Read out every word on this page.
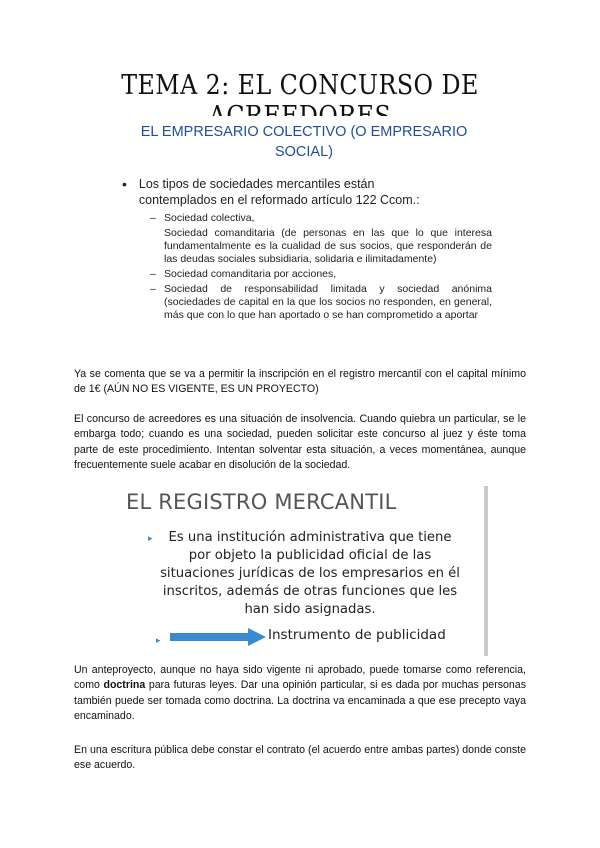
TEMA 2: EL CONCURSO DE
EL EMPRESARIO COLECTIVO (O EMPRESARIO
SOCIAL)
• Los tipos de sociedades mercantiles están
contemplados en el reformado artículo 122 Ccom.:
– Sociedad colectiva,
Sociedad comanditaria (de personas en las que lo que interesa fundamentalmente es la cualidad de sus socios, que responderán de las deudas sociales subsidiaria, solidaria e ilimitadamente)
– Sociedad comanditaria por acciones,
– Sociedad de responsabilidad limitada y sociedad anónima (sociedades de capital en la que los socios no responden, en general, más que con lo que han aportado o se han comprometido a aportar
Ya se comenta que se va a permitir la inscripción en el registro mercantil con el capital mínimo de 1€ (AÚN NO ES VIGENTE, ES UN PROYECTO)
El concurso de acreedores es una situación de insolvencia. Cuando quiebra un particular, se le embarga todo; cuando es una sociedad, pueden solicitar este concurso al juez y éste toma parte de este procedimiento. Intentan solventar esta situación, a veces momentánea, aunque frecuentemente suele acabar en disolución de la sociedad.
EL REGISTRO MERCANTIL
▸	Es una institución administrativa que tiene
por objeto la publicidad oficial de las
situaciones jurídicas de los empresarios en él
inscritos, además de otras funciones que les
han sido asignadas.
▸	Instrumento de publicidad
Un anteproyecto, aunque no haya sido vigente ni aprobado, puede tomarse como referencia, como doctrina para futuras leyes. Dar una opinión particular, si es dada por muchas personas también puede ser tomada como doctrina. La doctrina va encaminada a que ese precepto vaya encaminado.
En una escritura pública debe constar el contrato (el acuerdo entre ambas partes) donde conste ese acuerdo.
